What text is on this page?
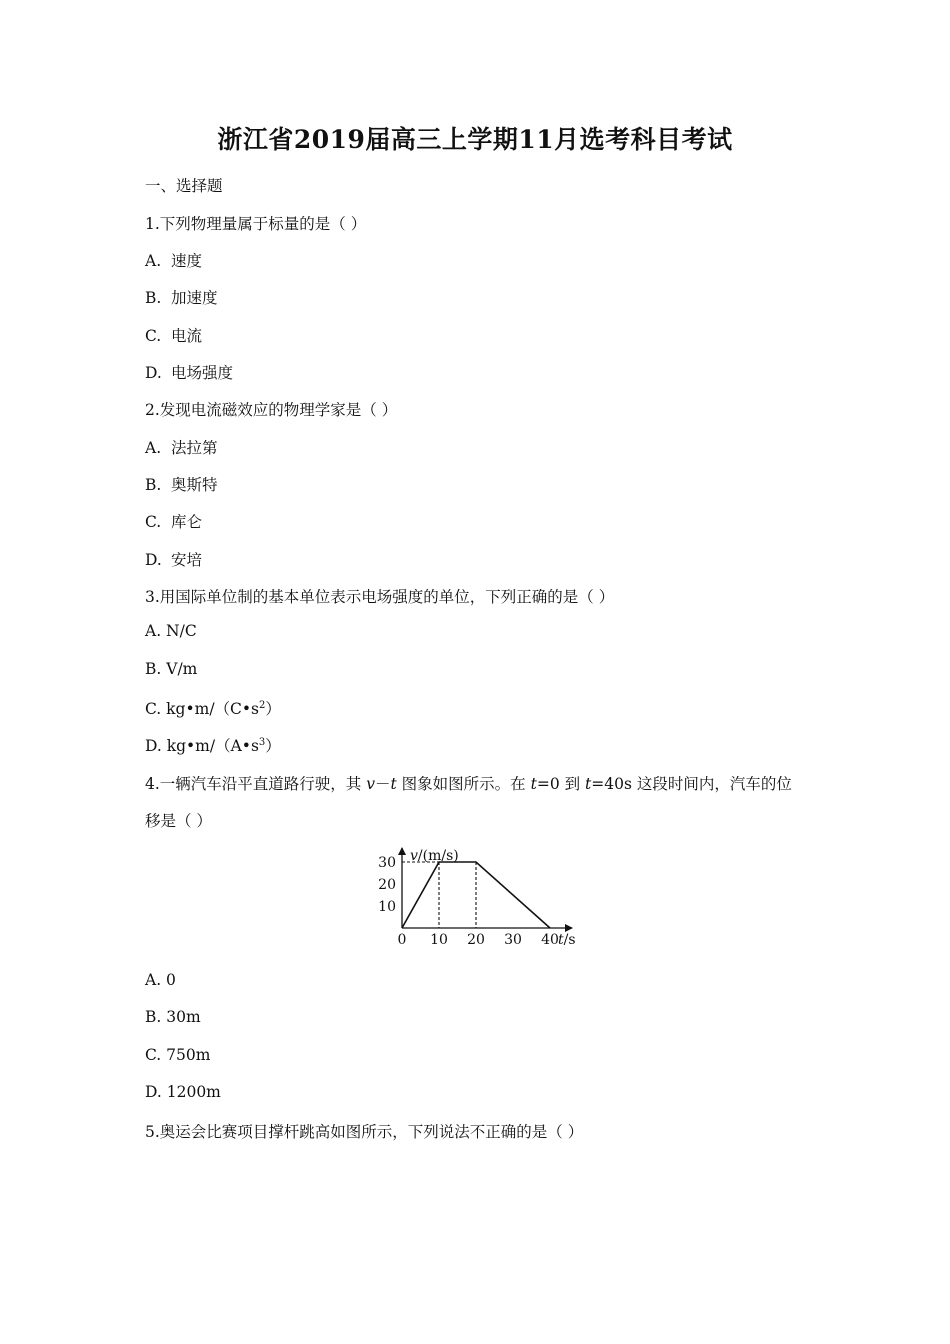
浙江省2019届高三上学期11月选考科目考试
一、选择题
1.下列物理量属于标量的是（ ）
A. 速度
B. 加速度
C. 电流
D. 电场强度
2.发现电流磁效应的物理学家是（ ）
A. 法拉第
B. 奥斯特
C. 库仑
D. 安培
3.用国际单位制的基本单位表示电场强度的单位，下列正确的是（ ）
A. N/C
B. V/m
C. $kg•m/(C•s^2)$
D. $kg•m/(A•s^3)$
4.一辆汽车沿平直道路行驶，其 v－t 图象如图所示。在 t=0 到 t=40s 这段时间内，汽车的位
移是（ ）
10
20
30
0 10 20 30 40
v/(m/s)
t/s
A. 0
B. 30m
C. 750m
D. 1200m
5.奥运会比赛项目撑杆跳高如图所示，下列说法不正确的是（ ）
